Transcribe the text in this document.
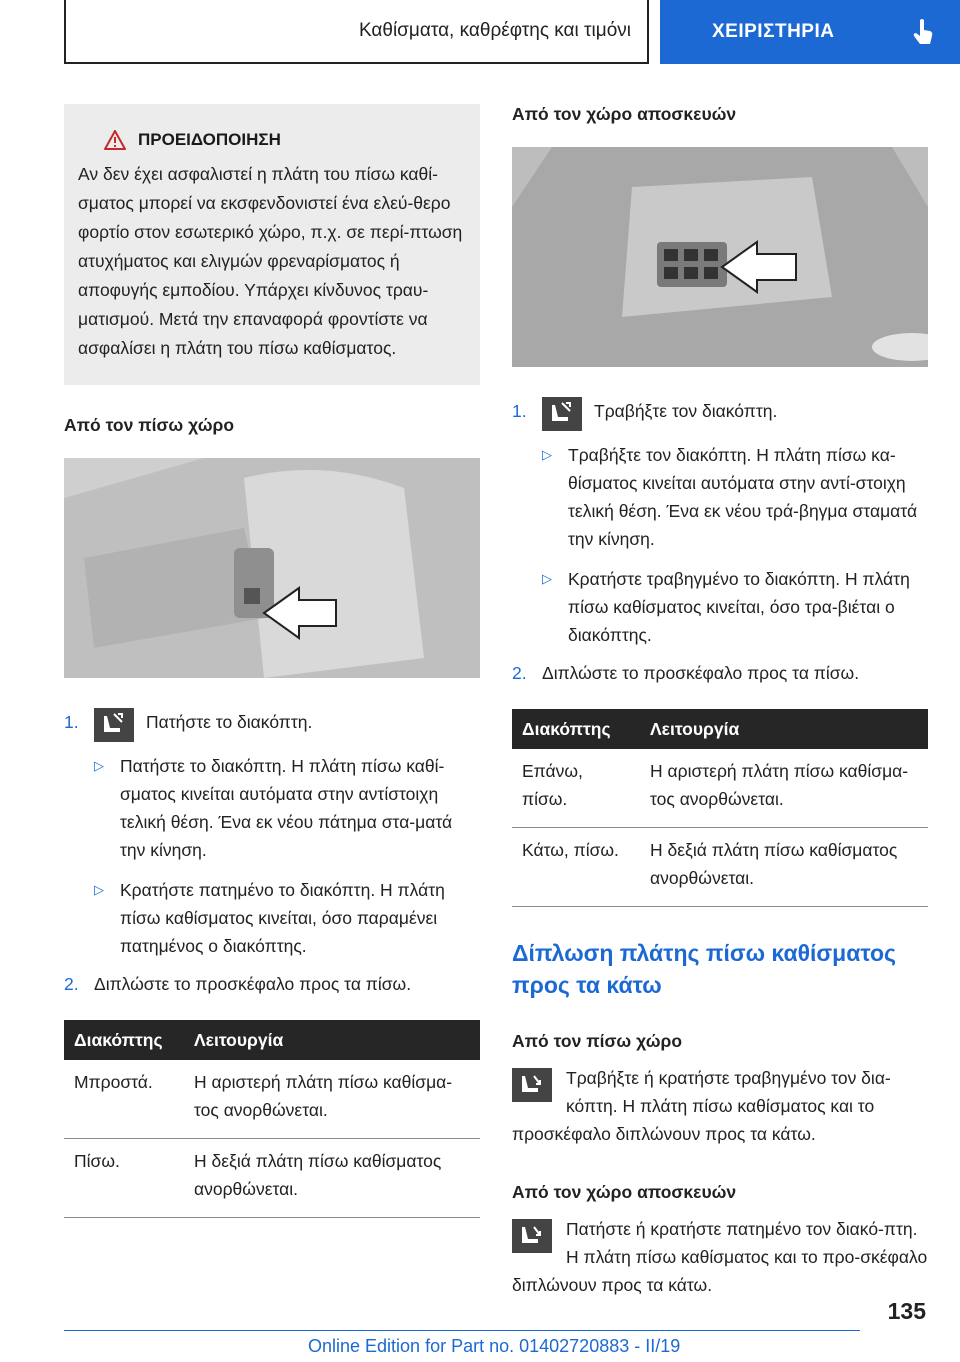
Καθίσματα, καθρέφτης και τιμόνι	ΧΕΙΡΙΣΤΗΡΙΑ
ΠΡΟΕΙΔΟΠΟΙΗΣΗ
Αν δεν έχει ασφαλιστεί η πλάτη του πίσω καθί-σματος μπορεί να εκσφενδονιστεί ένα ελεύ-θερο φορτίο στον εσωτερικό χώρο, π.χ. σε περί-πτωση ατυχήματος και ελιγμών φρεναρίσματος ή αποφυγής εμποδίου. Υπάρχει κίνδυνος τραυ-ματισμού. Μετά την επαναφορά φροντίστε να ασφαλίσει η πλάτη του πίσω καθίσματος.
Από τον πίσω χώρο
1.	Πατήστε το διακόπτη.
▷ Πατήστε το διακόπτη. Η πλάτη πίσω καθί-σματος κινείται αυτόματα στην αντίστοιχη τελική θέση. Ένα εκ νέου πάτημα στα-ματά την κίνηση.
▷ Κρατήστε πατημένο το διακόπτη. Η πλάτη πίσω καθίσματος κινείται, όσο παραμένει πατημένος ο διακόπτης.
2. Διπλώστε το προσκέφαλο προς τα πίσω.
Διακόπτης	Λειτουργία
Μπροστά.	Η αριστερή πλάτη πίσω καθίσμα-τος ανορθώνεται.
Πίσω.	Η δεξιά πλάτη πίσω καθίσματος ανορθώνεται.
Από τον χώρο αποσκευών
1.	Τραβήξτε τον διακόπτη.
▷ Τραβήξτε τον διακόπτη. Η πλάτη πίσω κα-θίσματος κινείται αυτόματα στην αντί-στοιχη τελική θέση. Ένα εκ νέου τρά-βηγμα σταματά την κίνηση.
▷ Κρατήστε τραβηγμένο το διακόπτη. Η πλάτη πίσω καθίσματος κινείται, όσο τρα-βιέται ο διακόπτης.
2. Διπλώστε το προσκέφαλο προς τα πίσω.
Διακόπτης	Λειτουργία
Επάνω, πίσω.	Η αριστερή πλάτη πίσω καθίσμα-τος ανορθώνεται.
Κάτω, πίσω.	Η δεξιά πλάτη πίσω καθίσματος ανορθώνεται.
Δίπλωση πλάτης πίσω καθίσματος προς τα κάτω
Από τον πίσω χώρο
Τραβήξτε ή κρατήστε τραβηγμένο τον δια-κόπτη. Η πλάτη πίσω καθίσματος και το προσκέφαλο διπλώνουν προς τα κάτω.
Από τον χώρο αποσκευών
Πατήστε ή κρατήστε πατημένο τον διακό-πτη. Η πλάτη πίσω καθίσματος και το προ-σκέφαλο διπλώνουν προς τα κάτω.
135
Online Edition for Part no. 01402720883 - II/19
